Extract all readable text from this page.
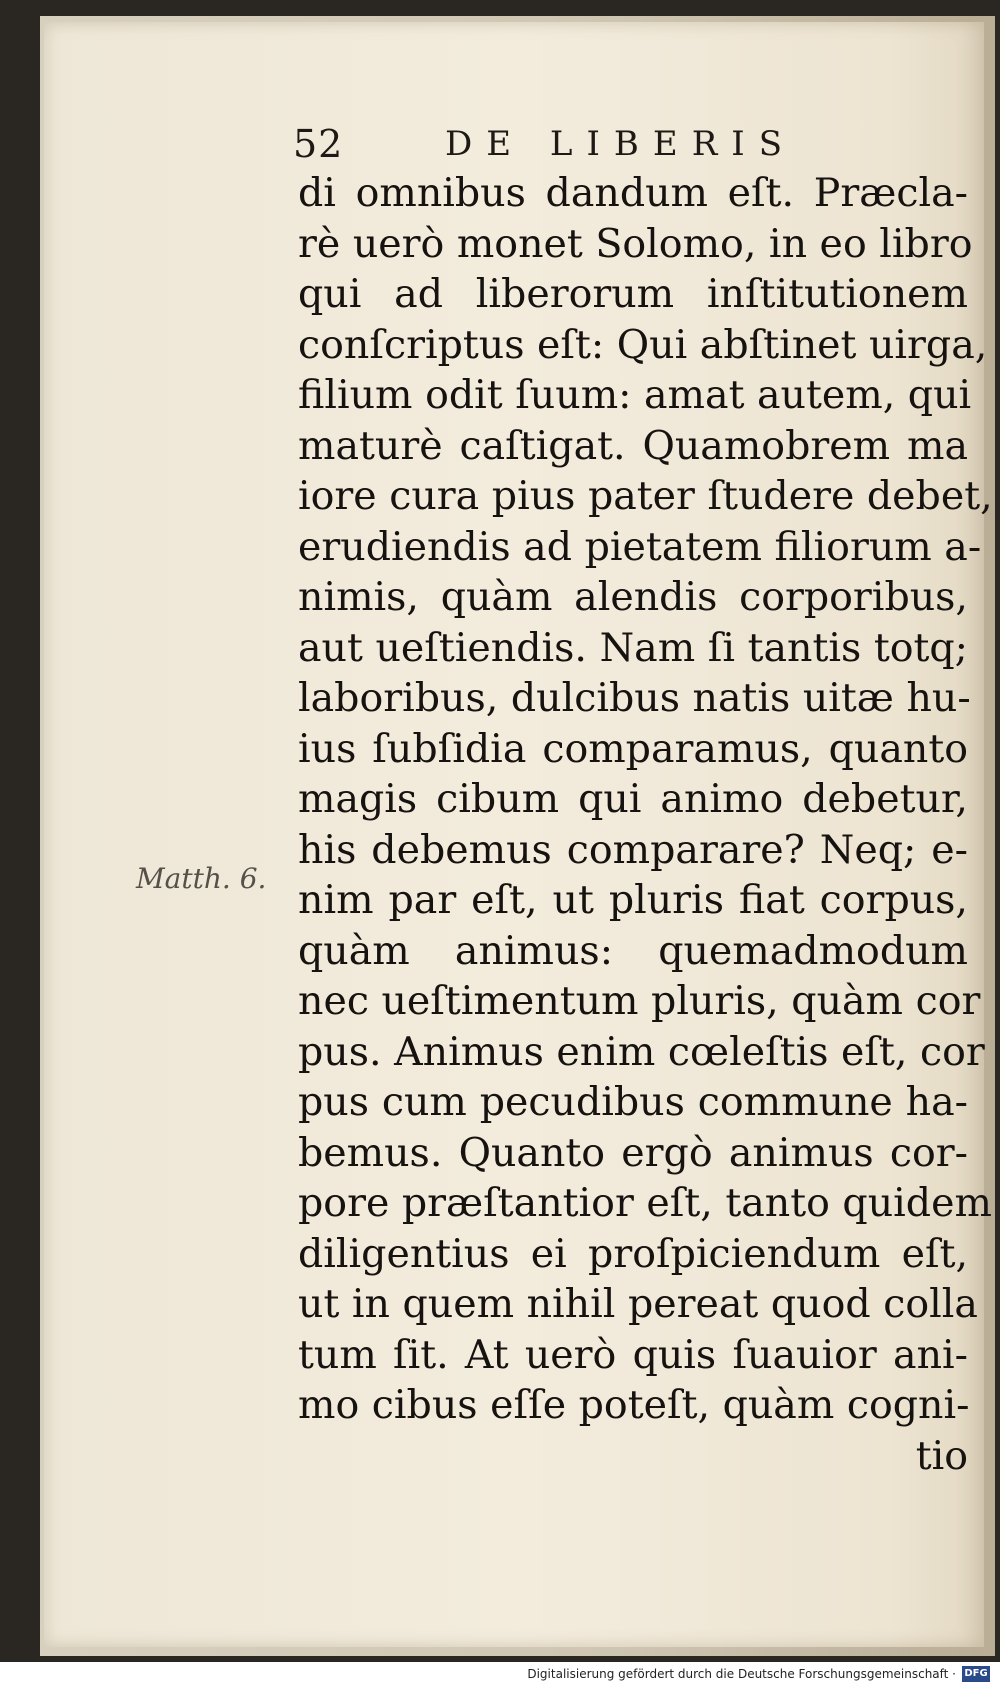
52	DE LIBERIS
Matth. 6.
di omnibus dandum eſt. Præcla-
rè uerò monet Solomo, in eo libro
qui ad liberorum inſtitutionem
conſcriptus eſt: Qui abſtinet uirga,
filium odit ſuum: amat autem, qui
maturè caſtigat. Quamobrem ma
iore cura pius pater ſtudere debet,
erudiendis ad pietatem filiorum a-
nimis, quàm alendis corporibus,
aut ueſtiendis. Nam ſi tantis totq;
laboribus, dulcibus natis uitæ hu-
ius ſubſidia comparamus, quanto
magis cibum qui animo debetur,
his debemus comparare? Neq; e-
nim par eſt, ut pluris fiat corpus,
quàm animus: quemadmodum
nec ueſtimentum pluris, quàm cor
pus. Animus enim cœleſtis eſt, cor
pus cum pecudibus commune ha-
bemus. Quanto ergò animus cor-
pore præſtantior eſt, tanto quidem
diligentius ei proſpiciendum eſt,
ut in quem nihil pereat quod colla
tum ſit. At uerò quis ſuauior ani-
mo cibus eſſe poteſt, quàm cogni-
tio
Digitalisierung gefördert durch die Deutsche Forschungsgemeinschaft · DFG
